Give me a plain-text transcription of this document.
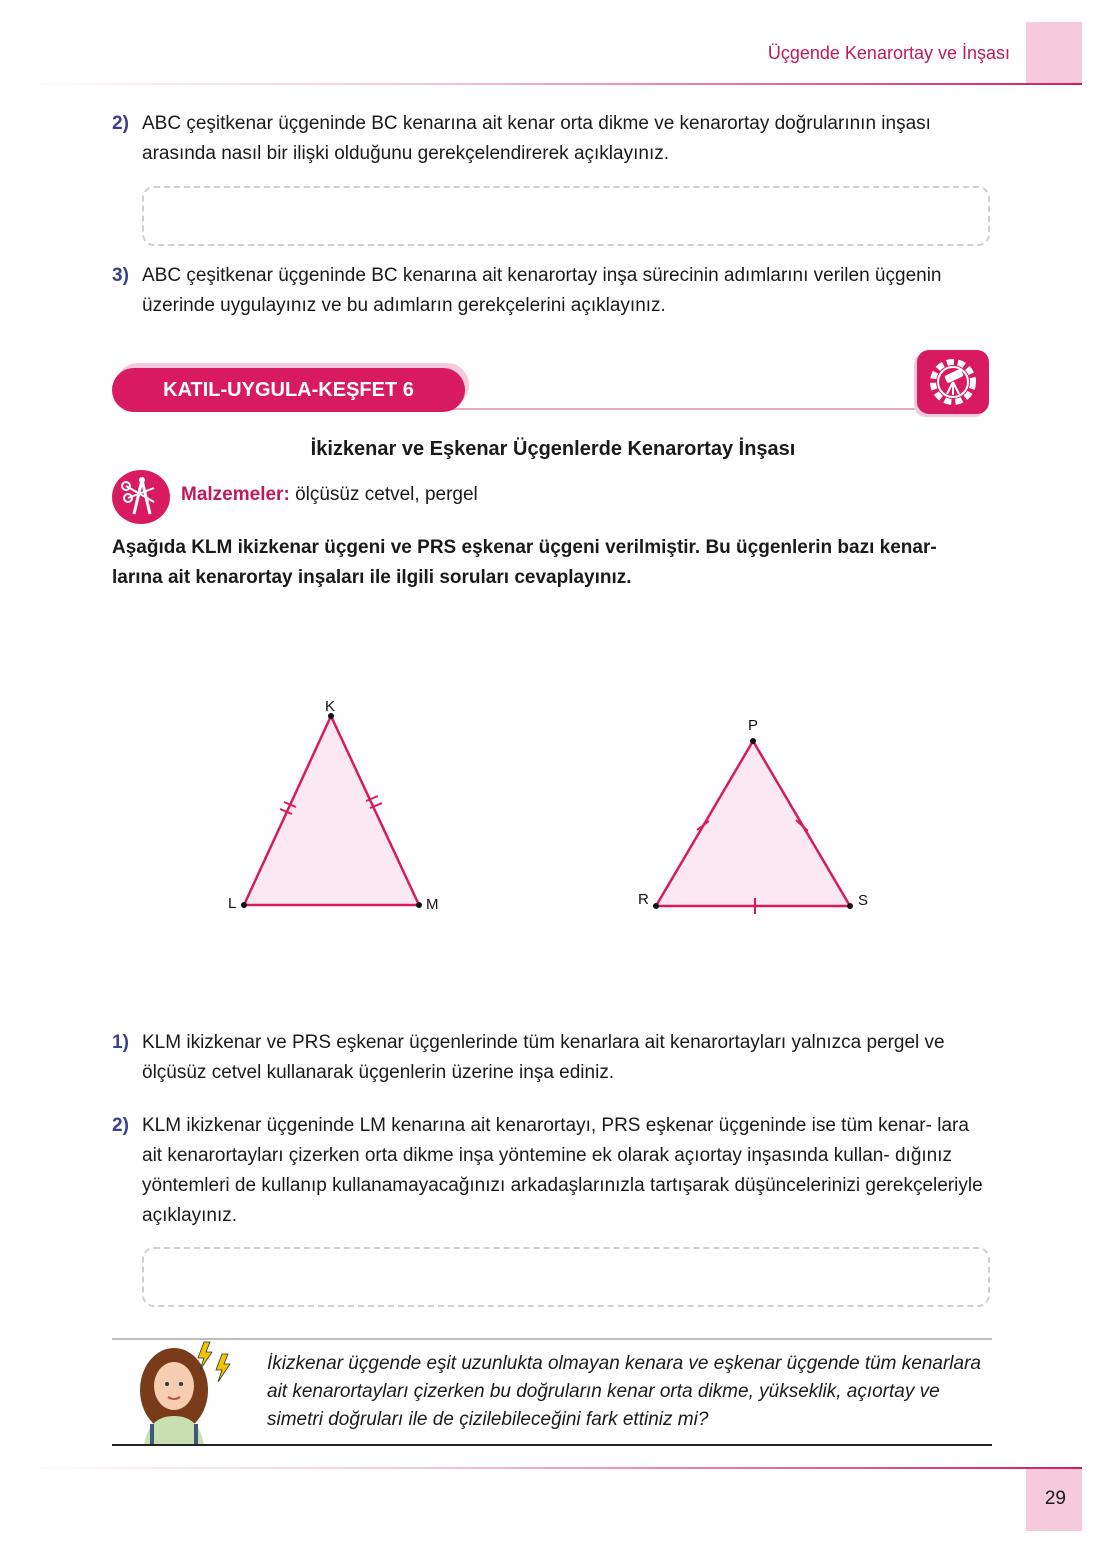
Üçgende Kenarortay ve İnşası
2) ABC çeşitkenar üçgeninde BC kenarına ait kenar orta dikme ve kenarortay doğrularının inşası arasında nasıl bir ilişki olduğunu gerekçelendirerek açıklayınız.
3) ABC çeşitkenar üçgeninde BC kenarına ait kenarortay inşa sürecinin adımlarını verilen üçgenin üzerinde uygulayınız ve bu adımların gerekçelerini açıklayınız.
KATIL-UYGULA-KEŞFET 6
İkizkenar ve Eşkenar Üçgenlerde Kenarortay İnşası
Malzemeler: ölçüsüz cetvel, pergel
Aşağıda KLM ikizkenar üçgeni ve PRS eşkenar üçgeni verilmiştir. Bu üçgenlerin bazı kenar- larına ait kenarortay inşaları ile ilgili soruları cevaplayınız.
K
L	M
P
R	S
1) KLM ikizkenar ve PRS eşkenar üçgenlerinde tüm kenarlara ait kenarortayları yalnızca pergel ve ölçüsüz cetvel kullanarak üçgenlerin üzerine inşa ediniz.
2) KLM ikizkenar üçgeninde LM kenarına ait kenarortayı, PRS eşkenar üçgeninde ise tüm kenar- lara ait kenarortayları çizerken orta dikme inşa yöntemine ek olarak açıortay inşasında kullan- dığınız yöntemleri de kullanıp kullanamayacağınızı arkadaşlarınızla tartışarak düşüncelerinizi gerekçeleriyle açıklayınız.
İkizkenar üçgende eşit uzunlukta olmayan kenara ve eşkenar üçgende tüm kenarlara ait kenarortayları çizerken bu doğruların kenar orta dikme, yükseklik, açıortay ve simetri doğruları ile de çizilebileceğini fark ettiniz mi?
29
